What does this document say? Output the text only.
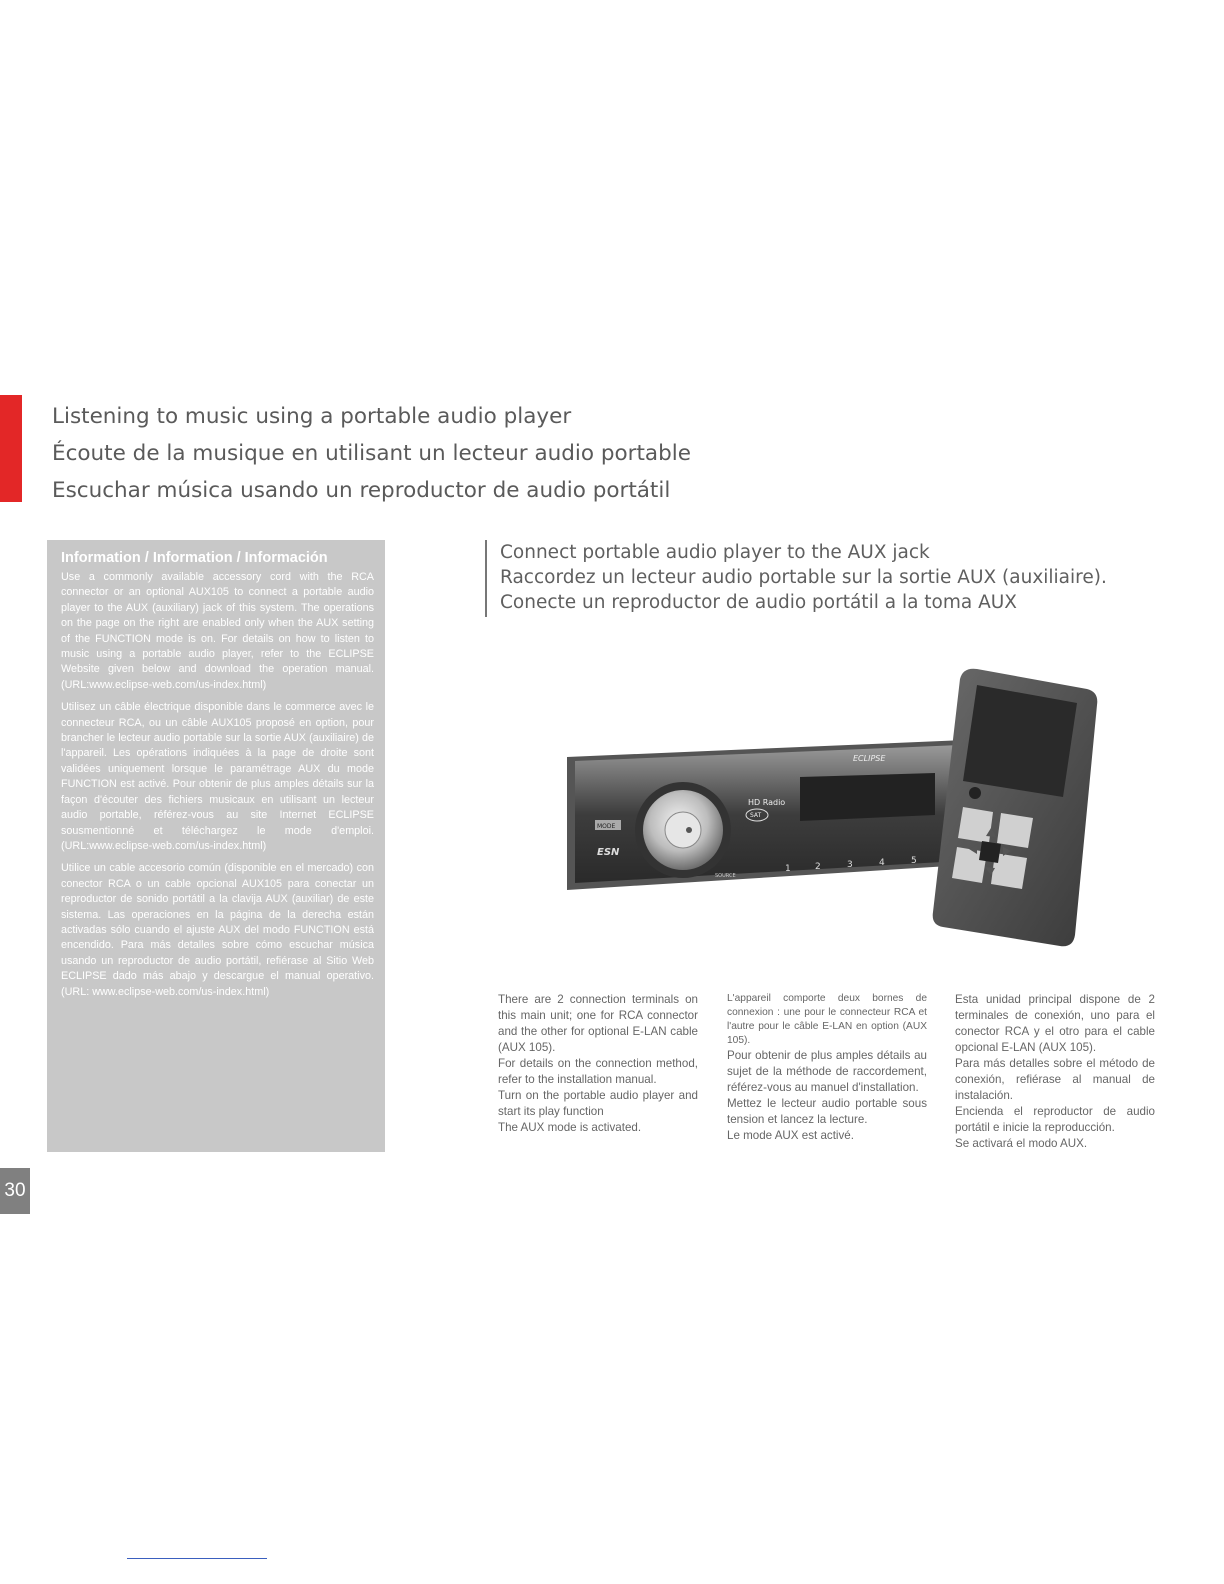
Listening to music using a portable audio player
Écoute de la musique en utilisant un lecteur audio portable
Escuchar música usando un reproductor de audio portátil
Information / Information / Información

Use a commonly available accessory cord with the RCA connector or an optional AUX105 to connect a portable audio player to the AUX (auxiliary) jack of this system. The operations on the page on the right are enabled only when the AUX setting of the FUNCTION mode is on. For details on how to listen to music using a portable audio player, refer to the ECLIPSE Website given below and download the operation manual. (URL:www.eclipse-web.com/us-index.html)

Utilisez un câble électrique disponible dans le commerce avec le connecteur RCA, ou un câble AUX105 proposé en option, pour brancher le lecteur audio portable sur la sortie AUX (auxiliaire) de l'appareil. Les opérations indiquées à la page de droite sont validées uniquement lorsque le paramétrage AUX du mode FUNCTION est activé. Pour obtenir de plus amples détails sur la façon d'écouter des fichiers musicaux en utilisant un lecteur audio portable, référez-vous au site Internet ECLIPSE sousmentionné et téléchargez le mode d'emploi. (URL:www.eclipse-web.com/us-index.html)

Utilice un cable accesorio común (disponible en el mercado) con conector RCA o un cable opcional AUX105 para conectar un reproductor de sonido portátil a la clavija AUX (auxiliar) de este sistema. Las operaciones en la página de la derecha están activadas sólo cuando el ajuste AUX del modo FUNCTION está encendido. Para más detalles sobre cómo escuchar música usando un reproductor de audio portátil, refiérase al Sitio Web ECLIPSE dado más abajo y descargue el manual operativo. (URL: www.eclipse-web.com/us-index.html)

Connect portable audio player to the AUX jack
Raccordez un lecteur audio portable sur la sortie AUX (auxiliaire).
Conecte un reproductor de audio portátil a la toma AUX
MODE
ESN
HD Radio
SAT
ECLIPSE
SOURCE
1	2	3	4	5

There are 2 connection terminals on this main unit; one for RCA connector and the other for optional E-LAN cable (AUX 105).

For details on the connection method, refer to the installation manual.

Turn on the portable audio player and start its play function

The AUX mode is activated.

L'appareil comporte deux bornes de connexion : une pour le connecteur RCA et l'autre pour le câble E-LAN en option (AUX 105).

Pour obtenir de plus amples détails au sujet de la méthode de raccordement, référez-vous au manuel d'installation.

Mettez le lecteur audio portable sous tension et lancez la lecture.

Le mode AUX est activé.

Esta unidad principal dispone de 2 terminales de conexión, uno para el conector RCA y el otro para el cable opcional E-LAN (AUX 105).

Para más detalles sobre el método de conexión, refiérase al manual de instalación.

Encienda el reproductor de audio portátil e inicie la reproducción.

Se activará el modo AUX.

30
